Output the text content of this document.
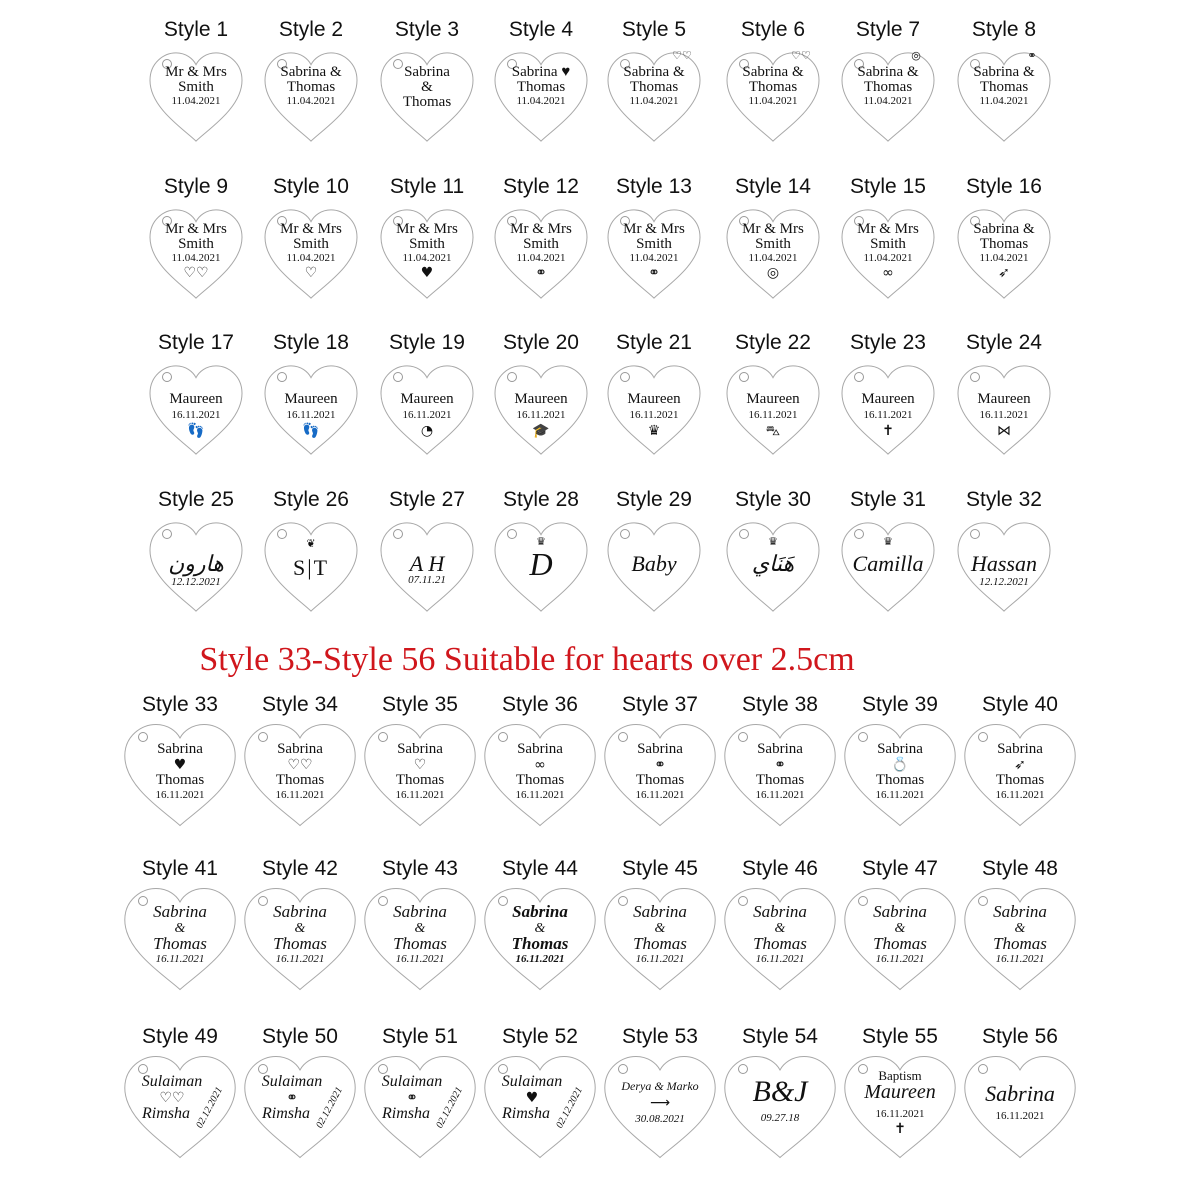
Style 1
Mr & Mrs
Smith
11.04.2021
Style 2
Sabrina &
Thomas
11.04.2021
Style 3
Sabrina
&
Thomas
Style 4
Sabrina ♥
Thomas
11.04.2021
Style 5
Sabrina &
Thomas
11.04.2021
♡♡
Style 6
Sabrina &
Thomas
11.04.2021
♡♡
Style 7
Sabrina &
Thomas
11.04.2021
◎
Style 8
Sabrina &
Thomas
11.04.2021
⚭
Style 9
Mr & Mrs
Smith
11.04.2021
♡♡
Style 10
Mr & Mrs
Smith
11.04.2021
♡
Style 11
Mr & Mrs
Smith
11.04.2021
♥
Style 12
Mr & Mrs
Smith
11.04.2021
⚭
Style 13
Mr & Mrs
Smith
11.04.2021
⚭
Style 14
Mr & Mrs
Smith
11.04.2021
◎
Style 15
Mr & Mrs
Smith
11.04.2021
∞
Style 16
Sabrina &
Thomas
11.04.2021
➶
Style 17
Maureen
16.11.2021
👣
Style 18
Maureen
16.11.2021
👣
Style 19
Maureen
16.11.2021
◔
Style 20
Maureen
16.11.2021
🎓
Style 21
Maureen
16.11.2021
♛
Style 22
Maureen
16.11.2021
⛍
Style 23
Maureen
16.11.2021
✝
Style 24
Maureen
16.11.2021
⋈
Style 25
هارون
12.12.2021
Style 26
S|T
❦
Style 27
A H
07.11.21
Style 28
D
♛
Style 29
Baby
Style 30
هَنَاي
♛
Style 31
Camilla
♛
Style 32
Hassan
12.12.2021
Style 33-Style 56 Suitable for hearts over 2.5cm
Style 33
Sabrina
♥
Thomas
16.11.2021
Style 34
Sabrina
♡♡
Thomas
16.11.2021
Style 35
Sabrina
♡
Thomas
16.11.2021
Style 36
Sabrina
∞
Thomas
16.11.2021
Style 37
Sabrina
⚭
Thomas
16.11.2021
Style 38
Sabrina
⚭
Thomas
16.11.2021
Style 39
Sabrina
💍
Thomas
16.11.2021
Style 40
Sabrina
➶
Thomas
16.11.2021
Style 41
Sabrina
&
Thomas
16.11.2021
Style 42
Sabrina
&
Thomas
16.11.2021
Style 43
Sabrina
&
Thomas
16.11.2021
Style 44
Sabrina
&
Thomas
16.11.2021
Style 45
Sabrina
&
Thomas
16.11.2021
Style 46
Sabrina
&
Thomas
16.11.2021
Style 47
Sabrina
&
Thomas
16.11.2021
Style 48
Sabrina
&
Thomas
16.11.2021
Style 49
Sulaiman
♡♡
Rimsha 02.12.2021
Style 50
Sulaiman
⚭
Rimsha 02.12.2021
Style 51
Sulaiman
⚭
Rimsha 02.12.2021
Style 52
Sulaiman
♥
Rimsha 02.12.2021
Style 53
Derya & Marko
⟶
30.08.2021
Style 54
B&J
09.27.18
Style 55
Baptism
Maureen
16.11.2021
✝
Style 56
Sabrina
16.11.2021
